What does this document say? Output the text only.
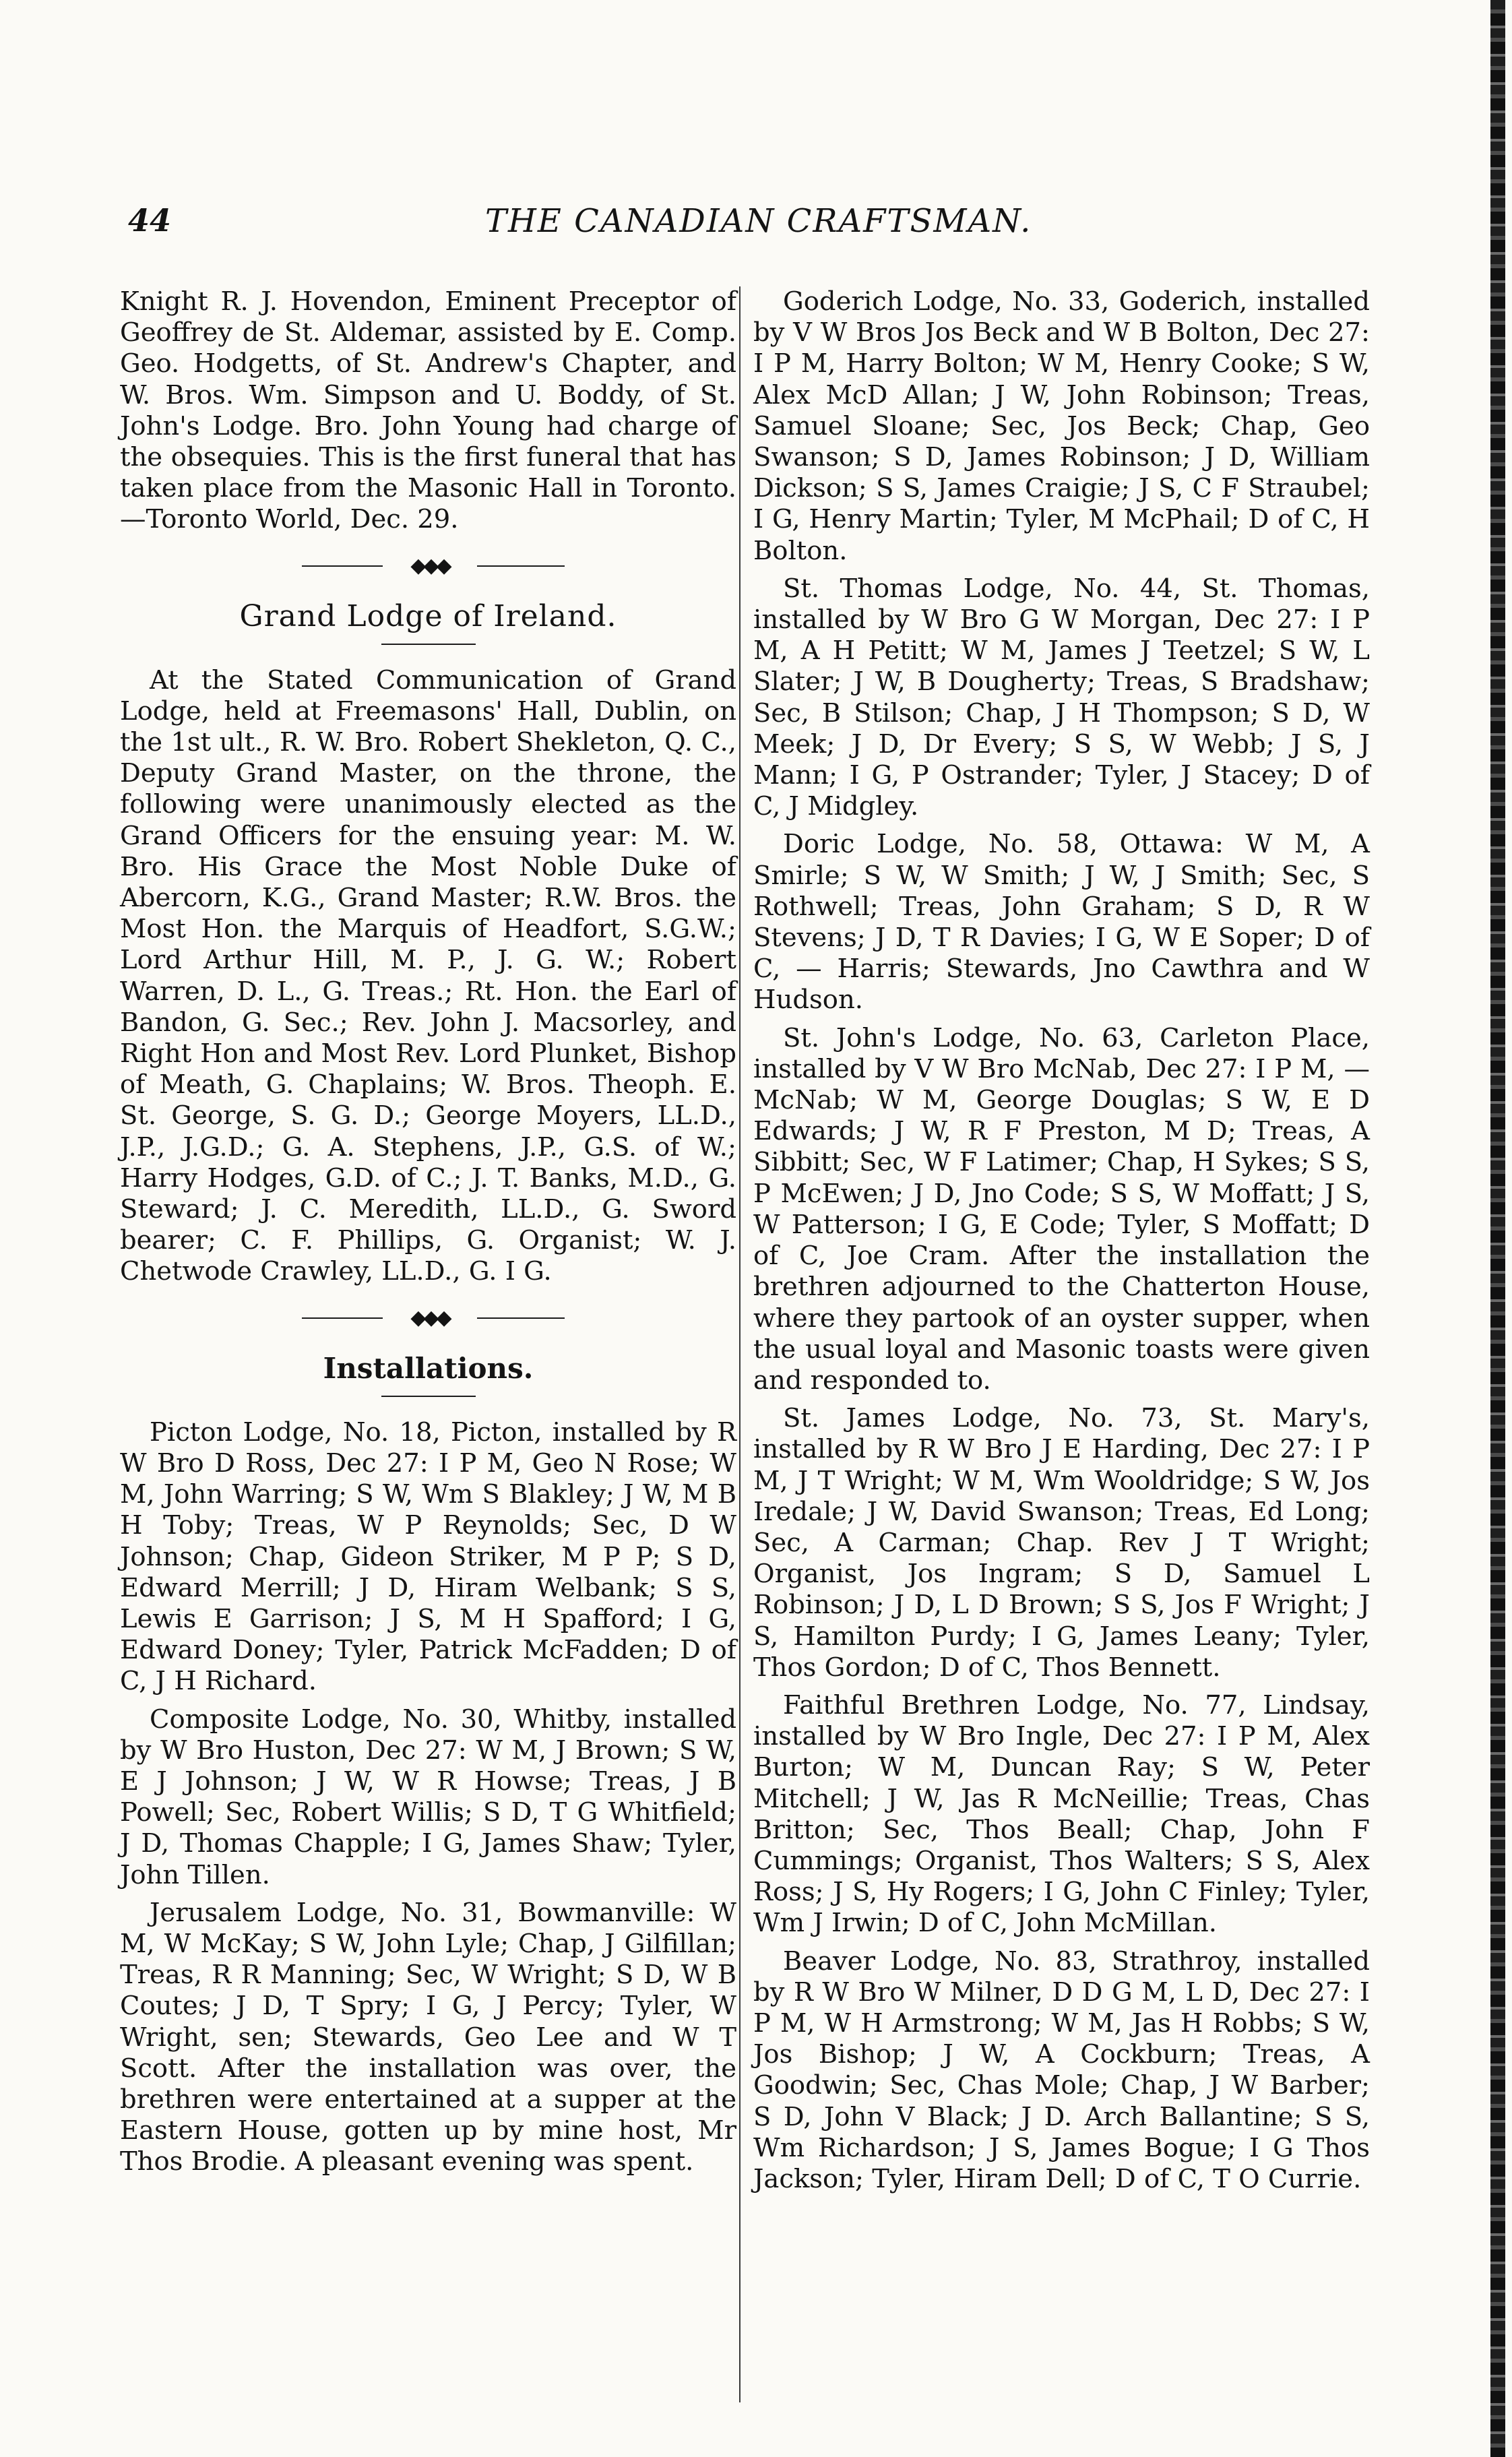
44	THE CANADIAN CRAFTSMAN.

Knight R. J. Hovendon, Eminent Preceptor of Geoffrey de St. Aldemar, assisted by E. Comp. Geo. Hodgetts, of St. Andrew's Chapter, and W. Bros. Wm. Simpson and U. Boddy, of St. John's Lodge. Bro. John Young had charge of the obsequies. This is the first funeral that has taken place from the Masonic Hall in Toronto.—Toronto World, Dec. 29.

◆◆◆
Grand Lodge of Ireland.

At the Stated Communication of Grand Lodge, held at Freemasons' Hall, Dublin, on the 1st ult., R. W. Bro. Robert Shekleton, Q. C., Deputy Grand Master, on the throne, the following were unanimously elected as the Grand Officers for the ensuing year: M. W. Bro. His Grace the Most Noble Duke of Abercorn, K.G., Grand Master; R.W. Bros. the Most Hon. the Marquis of Headfort, S.G.W.; Lord Arthur Hill, M. P., J. G. W.; Robert Warren, D. L., G. Treas.; Rt. Hon. the Earl of Bandon, G. Sec.; Rev. John J. Macsorley, and Right Hon and Most Rev. Lord Plunket, Bishop of Meath, G. Chaplains; W. Bros. Theoph. E. St. George, S. G. D.; George Moyers, LL.D., J.P., J.G.D.; G. A. Stephens, J.P., G.S. of W.; Harry Hodges, G.D. of C.; J. T. Banks, M.D., G. Steward; J. C. Meredith, LL.D., G. Sword bearer; C. F. Phillips, G. Organist; W. J. Chetwode Crawley, LL.D., G. I G.

◆◆◆
Installations.

Picton Lodge, No. 18, Picton, installed by R W Bro D Ross, Dec 27: I P M, Geo N Rose; W M, John Warring; S W, Wm S Blakley; J W, M B H Toby; Treas, W P Reynolds; Sec, D W Johnson; Chap, Gideon Striker, M P P; S D, Edward Merrill; J D, Hiram Welbank; S S, Lewis E Garrison; J S, M H Spafford; I G, Edward Doney; Tyler, Patrick McFadden; D of C, J H Richard.

Composite Lodge, No. 30, Whitby, installed by W Bro Huston, Dec 27: W M, J Brown; S W, E J Johnson; J W, W R Howse; Treas, J B Powell; Sec, Robert Willis; S D, T G Whitfield; J D, Thomas Chapple; I G, James Shaw; Tyler, John Tillen.

Jerusalem Lodge, No. 31, Bowmanville: W M, W McKay; S W, John Lyle; Chap, J Gilfillan; Treas, R R Manning; Sec, W Wright; S D, W B Coutes; J D, T Spry; I G, J Percy; Tyler, W Wright, sen; Stewards, Geo Lee and W T Scott. After the installation was over, the brethren were entertained at a supper at the Eastern House, gotten up by mine host, Mr Thos Brodie. A pleasant evening was spent.

Goderich Lodge, No. 33, Goderich, installed by V W Bros Jos Beck and W B Bolton, Dec 27: I P M, Harry Bolton; W M, Henry Cooke; S W, Alex McD Allan; J W, John Robinson; Treas, Samuel Sloane; Sec, Jos Beck; Chap, Geo Swanson; S D, James Robinson; J D, William Dickson; S S, James Craigie; J S, C F Straubel; I G, Henry Martin; Tyler, M McPhail; D of C, H Bolton.

St. Thomas Lodge, No. 44, St. Thomas, installed by W Bro G W Morgan, Dec 27: I P M, A H Petitt; W M, James J Teetzel; S W, L Slater; J W, B Dougherty; Treas, S Bradshaw; Sec, B Stilson; Chap, J H Thompson; S D, W Meek; J D, Dr Every; S S, W Webb; J S, J Mann; I G, P Ostrander; Tyler, J Stacey; D of C, J Midgley.

Doric Lodge, No. 58, Ottawa: W M, A Smirle; S W, W Smith; J W, J Smith; Sec, S Rothwell; Treas, John Graham; S D, R W Stevens; J D, T R Davies; I G, W E Soper; D of C, — Harris; Stewards, Jno Cawthra and W Hudson.

St. John's Lodge, No. 63, Carleton Place, installed by V W Bro McNab, Dec 27: I P M, — McNab; W M, George Douglas; S W, E D Edwards; J W, R F Preston, M D; Treas, A Sibbitt; Sec, W F Latimer; Chap, H Sykes; S S, P McEwen; J D, Jno Code; S S, W Moffatt; J S, W Patterson; I G, E Code; Tyler, S Moffatt; D of C, Joe Cram. After the installation the brethren adjourned to the Chatterton House, where they partook of an oyster supper, when the usual loyal and Masonic toasts were given and responded to.

St. James Lodge, No. 73, St. Mary's, installed by R W Bro J E Harding, Dec 27: I P M, J T Wright; W M, Wm Wooldridge; S W, Jos Iredale; J W, David Swanson; Treas, Ed Long; Sec, A Carman; Chap. Rev J T Wright; Organist, Jos Ingram; S D, Samuel L Robinson; J D, L D Brown; S S, Jos F Wright; J S, Hamilton Purdy; I G, James Leany; Tyler, Thos Gordon; D of C, Thos Bennett.

Faithful Brethren Lodge, No. 77, Lindsay, installed by W Bro Ingle, Dec 27: I P M, Alex Burton; W M, Duncan Ray; S W, Peter Mitchell; J W, Jas R McNeillie; Treas, Chas Britton; Sec, Thos Beall; Chap, John F Cummings; Organist, Thos Walters; S S, Alex Ross; J S, Hy Rogers; I G, John C Finley; Tyler, Wm J Irwin; D of C, John McMillan.

Beaver Lodge, No. 83, Strathroy, installed by R W Bro W Milner, D D G M, L D, Dec 27: I P M, W H Armstrong; W M, Jas H Robbs; S W, Jos Bishop; J W, A Cockburn; Treas, A Goodwin; Sec, Chas Mole; Chap, J W Barber; S D, John V Black; J D. Arch Ballantine; S S, Wm Richardson; J S, James Bogue; I G Thos Jackson; Tyler, Hiram Dell; D of C, T O Currie.
